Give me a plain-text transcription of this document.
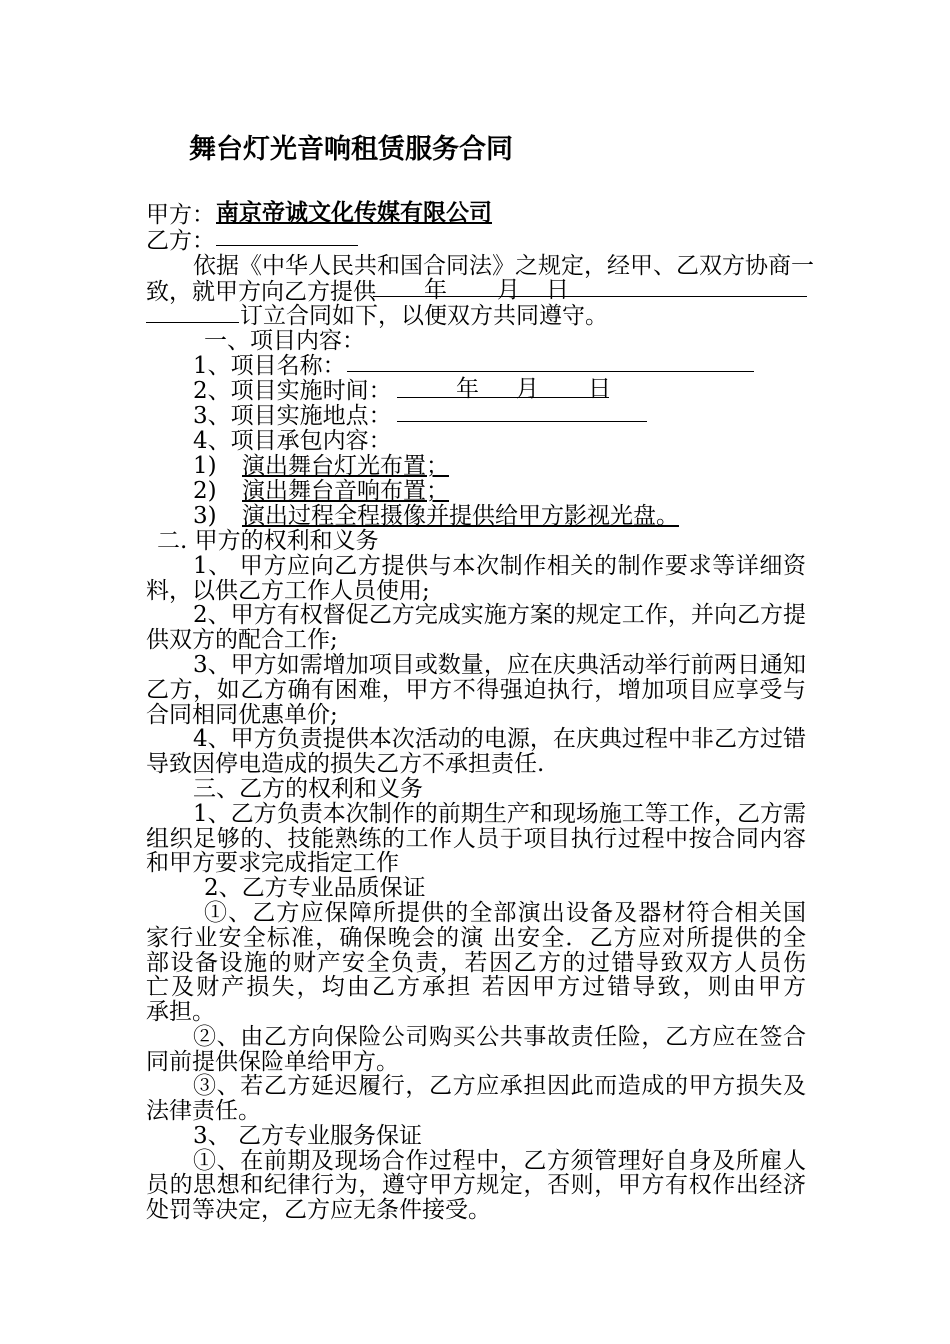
舞台灯光音响租赁服务合同
甲方： 南京帝诚文化传媒有限公司
乙方：
依据《中华人民共和国合同法》之规定，经甲、乙双方协商一
致，就甲方向乙方提供 年 月 日
订立合同如下，以便双方共同遵守。
一、项目内容：
1、项目名称：
2、项目实施时间：	年 月 日
3、项目实施地点：
4、项目承包内容：
1) 演出舞台灯光布置；
2) 演出舞台音响布置；
3) 演出过程全程摄像并提供给甲方影视光盘。
二. 甲方的权利和义务
1、 甲方应向乙方提供与本次制作相关的制作要求等详细资
料，以供乙方工作人员使用;
2、甲方有权督促乙方完成实施方案的规定工作，并向乙方提
供双方的配合工作;
3、甲方如需增加项目或数量，应在庆典活动举行前两日通知
乙方，如乙方确有困难，甲方不得强迫执行，增加项目应享受与
合同相同优惠单价;
4、甲方负责提供本次活动的电源，在庆典过程中非乙方过错
导致因停电造成的损失乙方不承担责任.
三、乙方的权利和义务
1、乙方负责本次制作的前期生产和现场施工等工作，乙方需
组织足够的、技能熟练的工作人员于项目执行过程中按合同内容
和甲方要求完成指定工作
2、乙方专业品质保证
①、乙方应保障所提供的全部演出设备及器材符合相关国
家行业安全标准，确保晚会的演 出安全．乙方应对所提供的全
部设备设施的财产安全负责，若因乙方的过错导致双方人员伤
亡及财产损失，均由乙方承担 若因甲方过错导致，则由甲方
承担。
②、由乙方向保险公司购买公共事故责任险，乙方应在签合
同前提供保险单给甲方。
③、若乙方延迟履行，乙方应承担因此而造成的甲方损失及
法律责任。
3、 乙方专业服务保证
①、在前期及现场合作过程中，乙方须管理好自身及所雇人
员的思想和纪律行为，遵守甲方规定，否则，甲方有权作出经济
处罚等决定，乙方应无条件接受。
